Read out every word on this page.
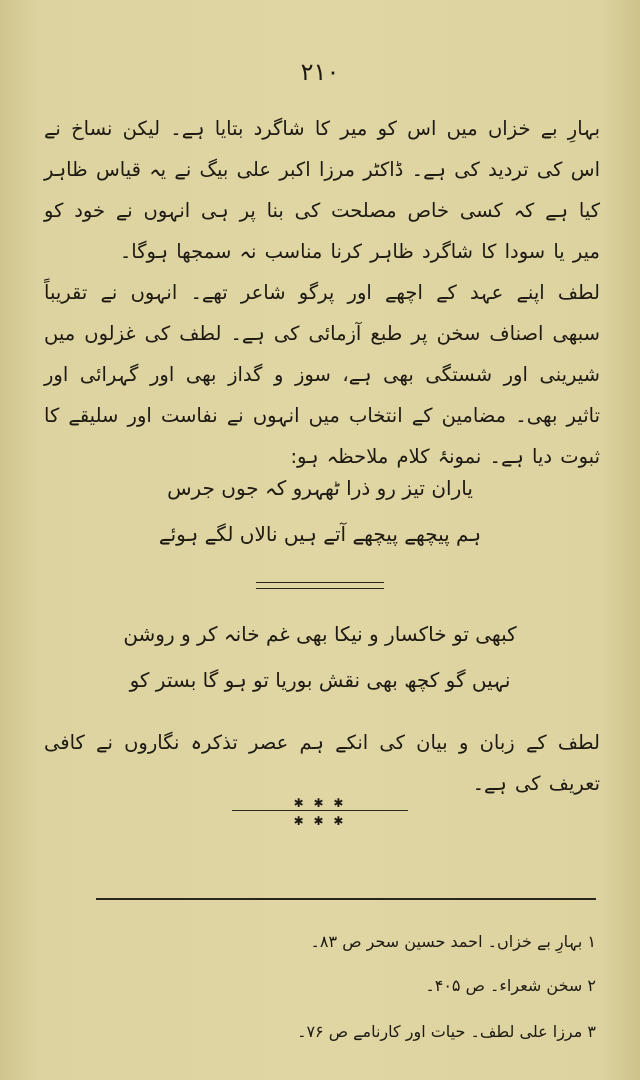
۲۱۰

بہارِ بے خزاں میں اس کو میر کا شاگرد بتایا ہے۔ لیکن نساخ نے اس کی تردید کی ہے۔ ڈاکٹر مرزا اکبر علی بیگ نے یہ قیاس ظاہر کیا ہے کہ کسی خاص مصلحت کی بنا پر ہی انہوں نے خود کو میر یا سودا کا شاگرد ظاہر کرنا مناسب نہ سمجھا ہوگا۔

لطف اپنے عہد کے اچھے اور پرگو شاعر تھے۔ انہوں نے تقریباً سبھی اصناف سخن پر طبع آزمائی کی ہے۔ لطف کی غزلوں میں شیرینی اور شستگی بھی ہے، سوز و گداز بھی اور گہرائی اور تاثیر بھی۔ مضامین کے انتخاب میں انہوں نے نفاست اور سلیقے کا ثبوت دیا ہے۔ نمونۂ کلام ملاحظہ ہو:

یاران تیز رو ذرا ٹھہرو کہ جوں جرس
ہم پیچھے پیچھے آتے ہیں نالاں لگے ہوئے
کبھی تو خاکسار و نیکا بھی غم خانہ کر و روشن
نہیں گو کچھ بھی نقش بوریا تو ہو گا بستر کو

لطف کے زبان و بیان کی انکے ہم عصر تذکرہ نگاروں نے کافی تعریف کی ہے۔

✱ ✱ ✱
✱ ✱ ✱

۱ بہارِ بے خزاں۔ احمد حسین سحر ص ۸۳۔

۲ سخن شعراء۔ ص ۴۰۵۔

۳ مرزا علی لطف۔ حیات اور کارنامے ص ۷۶۔
